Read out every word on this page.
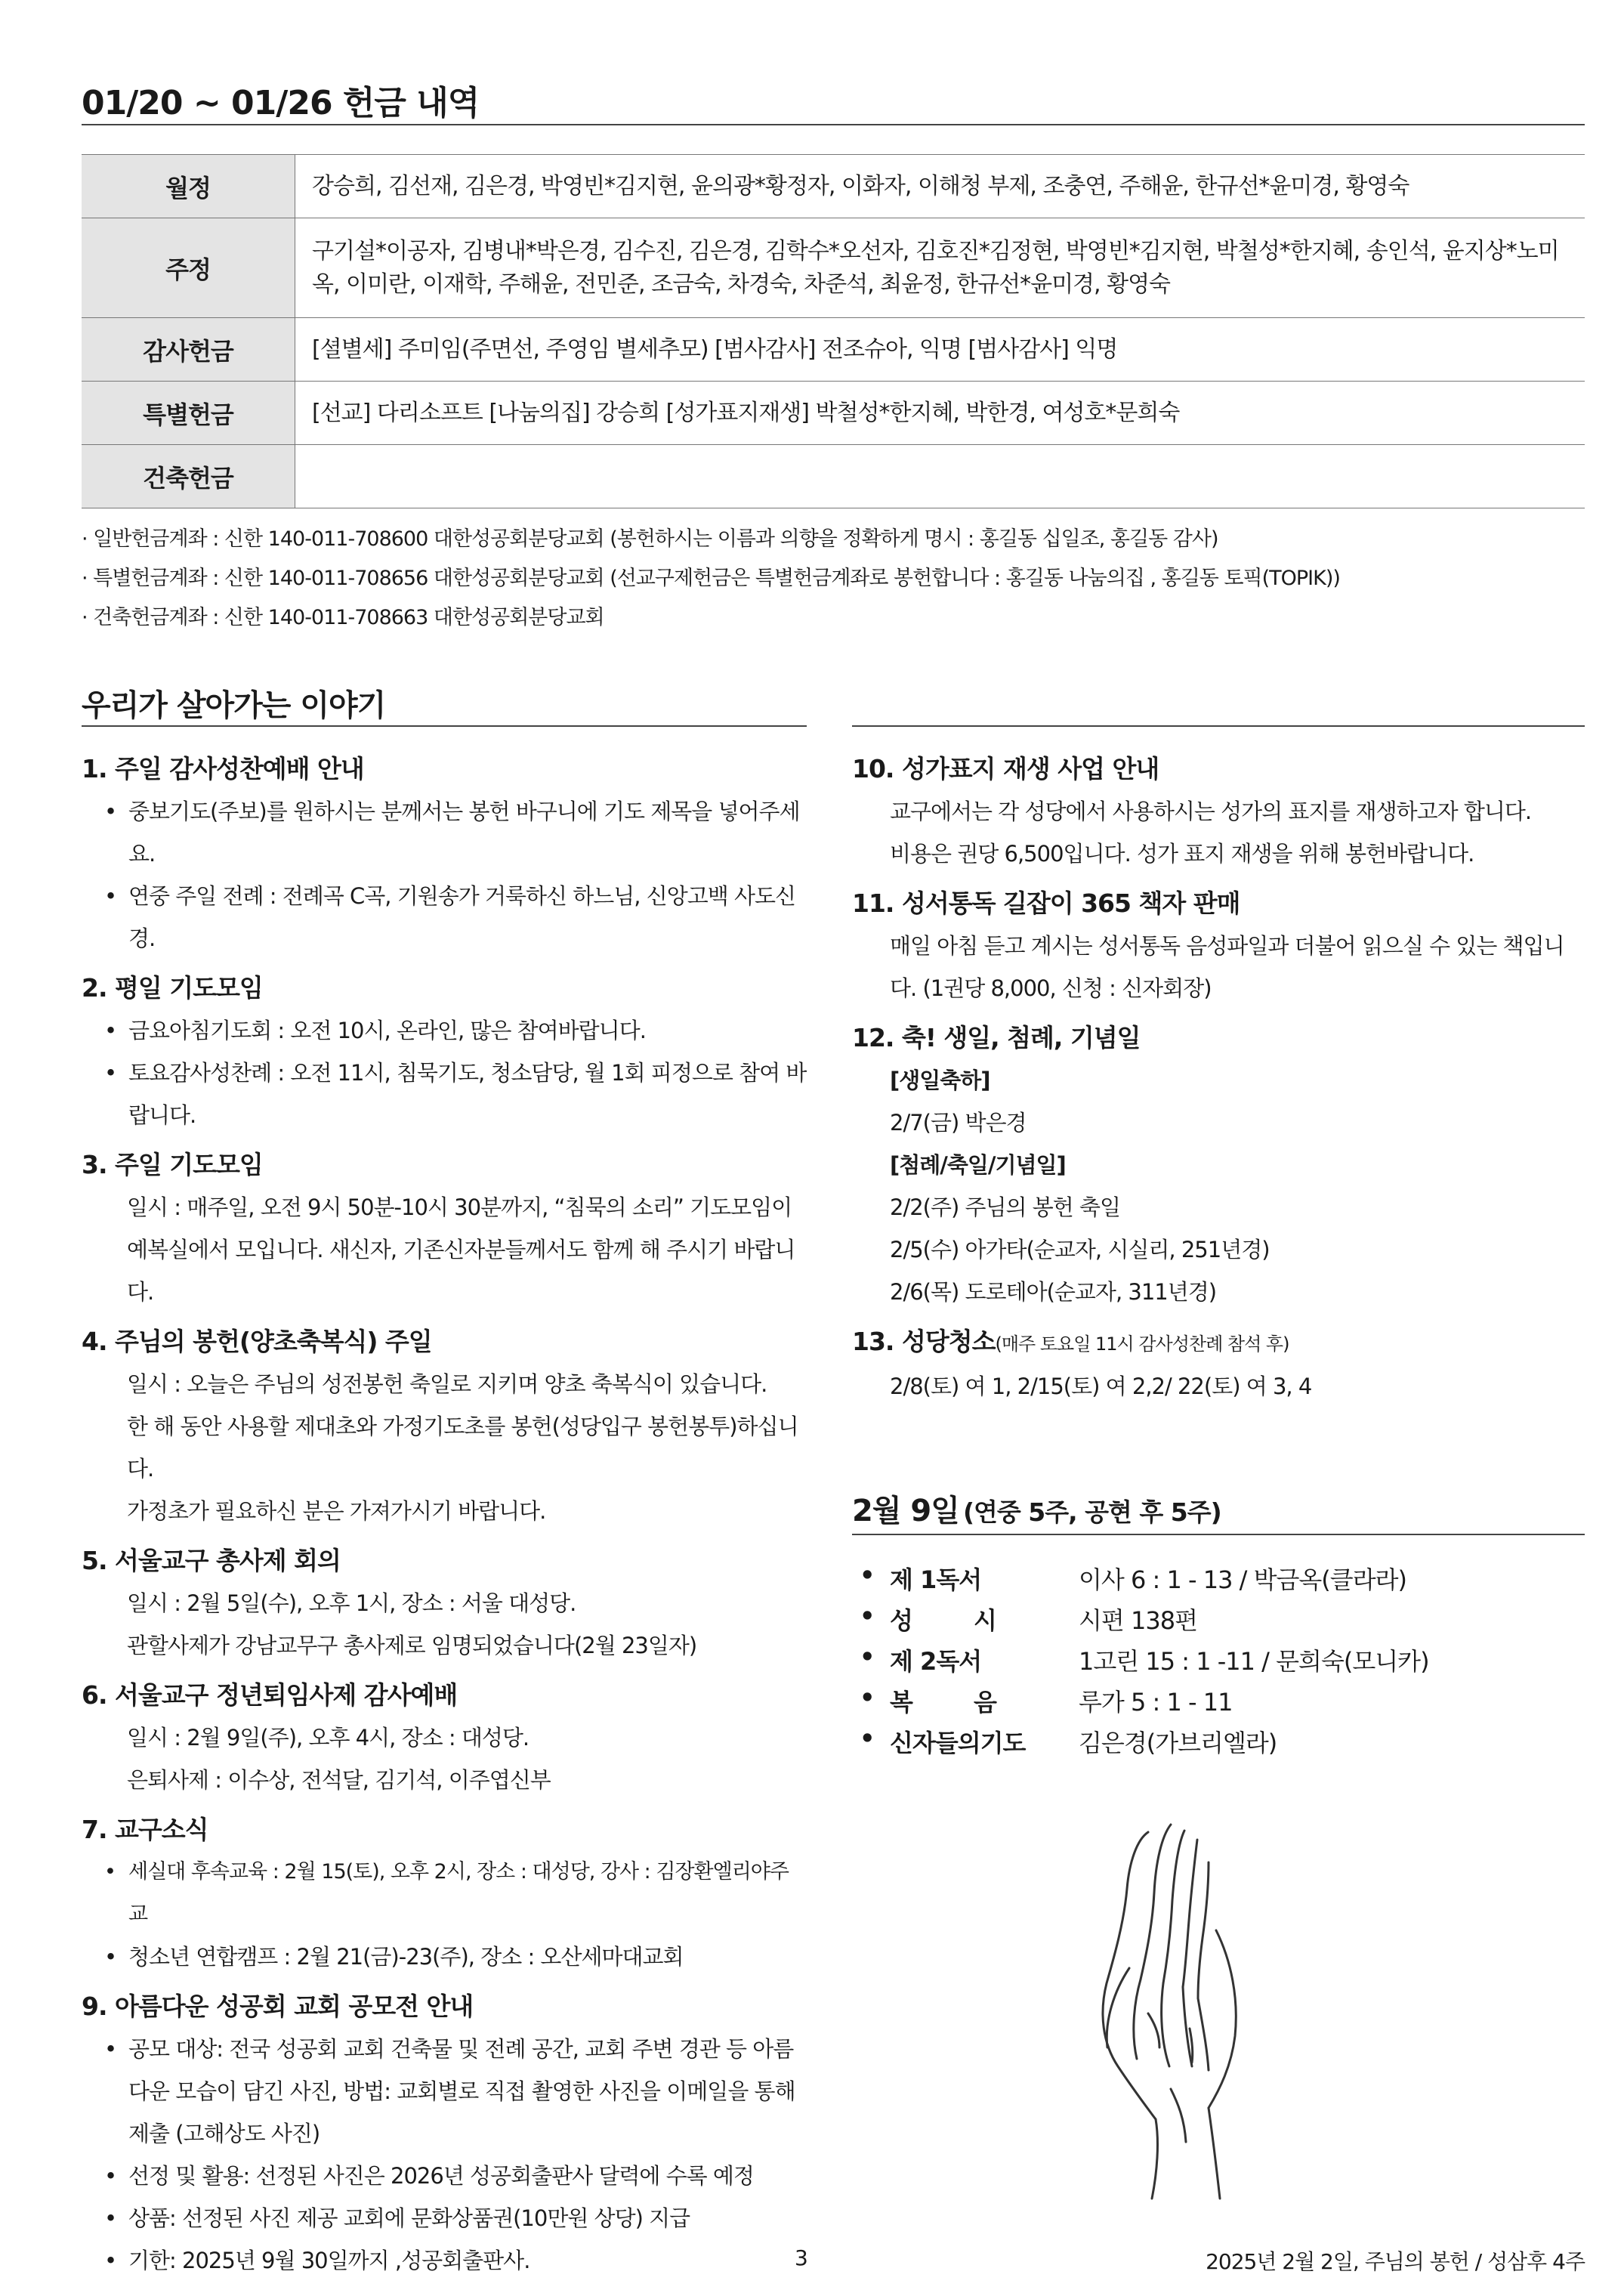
01/20 ~ 01/26 헌금 내역
월정	강승희, 김선재, 김은경, 박영빈*김지현, 윤의광*황정자, 이화자, 이해청 부제, 조충연, 주해윤, 한규선*윤미경, 황영숙
주정	구기설*이공자, 김병내*박은경, 김수진, 김은경, 김학수*오선자, 김호진*김정현, 박영빈*김지현, 박철성*한지혜, 송인석, 윤지상*노미옥, 이미란, 이재학, 주해윤, 전민준, 조금숙, 차경숙, 차준석, 최윤정, 한규선*윤미경, 황영숙
감사헌금	[셜별세] 주미임(주면선, 주영임 별세추모) [범사감사] 전조슈아, 익명 [범사감사] 익명
특별헌금	[선교] 다리소프트 [나눔의집] 강승희 [성가표지재생] 박철성*한지혜, 박한경, 여성호*문희숙
건축헌금	
· 일반헌금계좌 : 신한 140-011-708600 대한성공회분당교회 (봉헌하시는 이름과 의향을 정확하게 명시 : 홍길동 십일조, 홍길동 감사)
· 특별헌금계좌 : 신한 140-011-708656 대한성공회분당교회 (선교구제헌금은 특별헌금계좌로 봉헌합니다 : 홍길동 나눔의집 , 홍길동 토픽(TOPIK))
· 건축헌금계좌 : 신한 140-011-708663 대한성공회분당교회
우리가 살아가는 이야기
1. 주일 감사성찬예배 안내
• 중보기도(주보)를 원하시는 분께서는 봉헌 바구니에 기도 제목을 넣어주세요.
• 연중 주일 전례 : 전례곡 C곡, 기원송가 거룩하신 하느님, 신앙고백 사도신경.
2. 평일 기도모임
• 금요아침기도회 : 오전 10시, 온라인, 많은 참여바랍니다.
• 토요감사성찬례 : 오전 11시, 침묵기도, 청소담당, 월 1회 피정으로 참여 바랍니다.
3. 주일 기도모임
일시 : 매주일, 오전 9시 50분-10시 30분까지, “침묵의 소리” 기도모임이 예복실에서 모입니다. 새신자, 기존신자분들께서도 함께 해 주시기 바랍니다.
4. 주님의 봉헌(양초축복식) 주일
일시 : 오늘은 주님의 성전봉헌 축일로 지키며 양초 축복식이 있습니다.
한 해 동안 사용할 제대초와 가정기도초를 봉헌(성당입구 봉헌봉투)하십니다.
가정초가 필요하신 분은 가져가시기 바랍니다.
5. 서울교구 총사제 회의
일시 : 2월 5일(수), 오후 1시, 장소 : 서울 대성당.
관할사제가 강남교무구 총사제로 임명되었습니다(2월 23일자)
6. 서울교구 정년퇴임사제 감사예배
일시 : 2월 9일(주), 오후 4시, 장소 : 대성당.
은퇴사제 : 이수상, 전석달, 김기석, 이주엽신부
7. 교구소식
• 세실대 후속교육 : 2월 15(토), 오후 2시, 장소 : 대성당, 강사 : 김장환엘리야주교
• 청소년 연합캠프 : 2월 21(금)-23(주), 장소 : 오산세마대교회
9. 아름다운 성공회 교회 공모전 안내
• 공모 대상: 전국 성공회 교회 건축물 및 전례 공간, 교회 주변 경관 등 아름다운 모습이 담긴 사진, 방법: 교회별로 직접 촬영한 사진을 이메일을 통해 제출 (고해상도 사진)
• 선정 및 활용: 선정된 사진은 2026년 성공회출판사 달력에 수록 예정
• 상품: 선정된 사진 제공 교회에 문화상품권(10만원 상당) 지급
• 기한: 2025년 9월 30일까지 ,성공회출판사.
10. 성가표지 재생 사업 안내
교구에서는 각 성당에서 사용하시는 성가의 표지를 재생하고자 합니다.
비용은 권당 6,500입니다. 성가 표지 재생을 위해 봉헌바랍니다.
11. 성서통독 길잡이 365 책자 판매
매일 아침 듣고 계시는 성서통독 음성파일과 더불어 읽으실 수 있는 책입니다. (1권당 8,000, 신청 : 신자회장)
12. 축! 생일, 첨례, 기념일
[생일축하]
2/7(금) 박은경
[첨례/축일/기념일]
2/2(주) 주님의 봉헌 축일
2/5(수) 아가타(순교자, 시실리, 251년경)
2/6(목) 도로테아(순교자, 311년경)
13. 성당청소(매주 토요일 11시 감사성찬례 참석 후)
2/8(토) 여 1, 2/15(토) 여 2,2/ 22(토) 여 3, 4
2월 9일 (연중 5주, 공현 후 5주)
• 제 1독서	이사 6 : 1 - 13 / 박금옥(클라라)
• 성        시	시편 138편
• 제 2독서	1고린 15 : 1 -11 / 문희숙(모니카)
• 복        음	루가 5 : 1 - 11
• 신자들의기도 김은경(가브리엘라)
3	2025년 2월 2일, 주님의 봉헌 / 성삼후 4주
